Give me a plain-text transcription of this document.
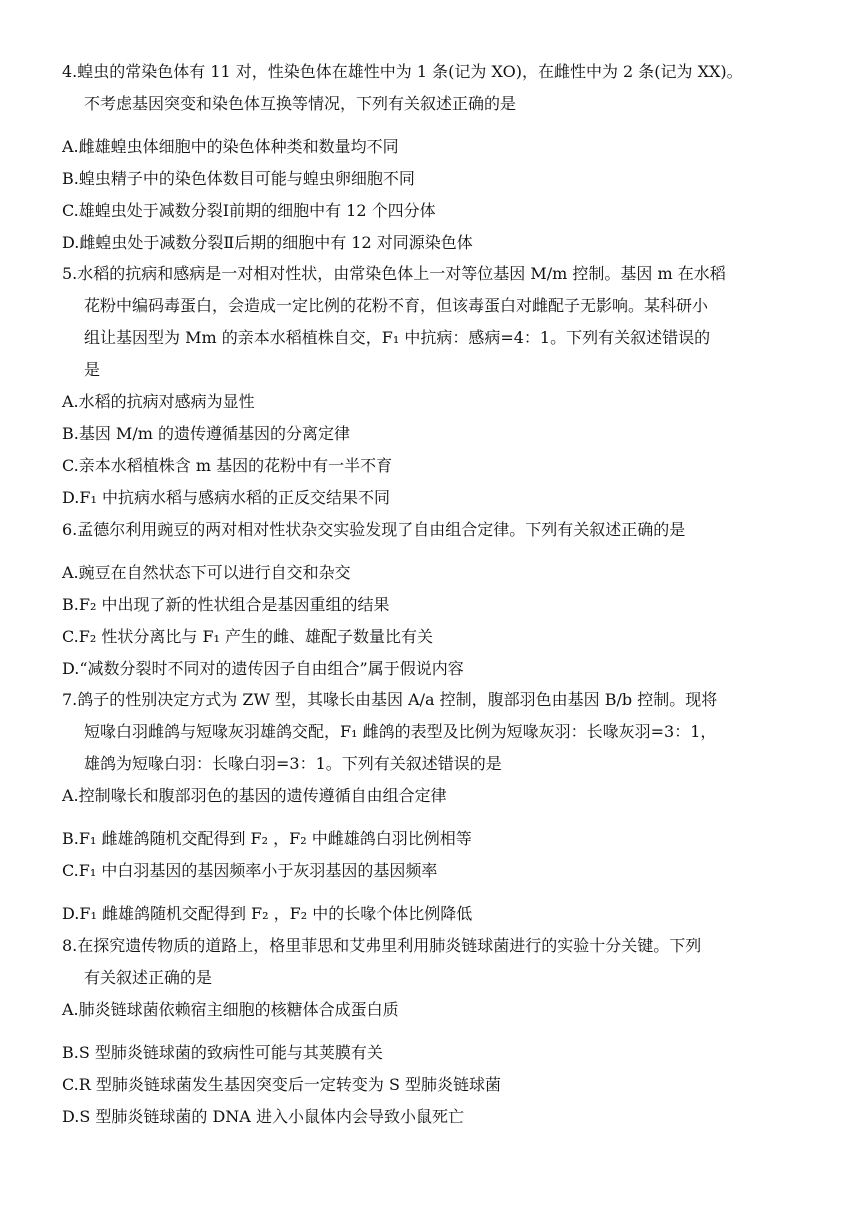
4.蝗虫的常染色体有 11 对，性染色体在雄性中为 1 条(记为 XO)，在雌性中为 2 条(记为 XX)。
不考虑基因突变和染色体互换等情况，下列有关叙述正确的是
A.雌雄蝗虫体细胞中的染色体种类和数量均不同
B.蝗虫精子中的染色体数目可能与蝗虫卵细胞不同
C.雄蝗虫处于减数分裂Ⅰ前期的细胞中有 12 个四分体
D.雌蝗虫处于减数分裂Ⅱ后期的细胞中有 12 对同源染色体
5.水稻的抗病和感病是一对相对性状，由常染色体上一对等位基因 M/m 控制。基因 m 在水稻
花粉中编码毒蛋白，会造成一定比例的花粉不育，但该毒蛋白对雌配子无影响。某科研小
组让基因型为 Mm 的亲本水稻植株自交，F₁ 中抗病：感病=4：1。下列有关叙述错误的
是
A.水稻的抗病对感病为显性
B.基因 M/m 的遗传遵循基因的分离定律
C.亲本水稻植株含 m 基因的花粉中有一半不育
D.F₁ 中抗病水稻与感病水稻的正反交结果不同
6.孟德尔利用豌豆的两对相对性状杂交实验发现了自由组合定律。下列有关叙述正确的是
A.豌豆在自然状态下可以进行自交和杂交
B.F₂ 中出现了新的性状组合是基因重组的结果
C.F₂ 性状分离比与 F₁ 产生的雌、雄配子数量比有关
D.“减数分裂时不同对的遗传因子自由组合”属于假说内容
7.鸽子的性别决定方式为 ZW 型，其喙长由基因 A/a 控制，腹部羽色由基因 B/b 控制。现将
短喙白羽雌鸽与短喙灰羽雄鸽交配，F₁ 雌鸽的表型及比例为短喙灰羽：长喙灰羽=3：1，
雄鸽为短喙白羽：长喙白羽=3：1。下列有关叙述错误的是
A.控制喙长和腹部羽色的基因的遗传遵循自由组合定律
B.F₁ 雌雄鸽随机交配得到 F₂ ，F₂ 中雌雄鸽白羽比例相等
C.F₁ 中白羽基因的基因频率小于灰羽基因的基因频率
D.F₁ 雌雄鸽随机交配得到 F₂ ，F₂ 中的长喙个体比例降低
8.在探究遗传物质的道路上，格里菲思和艾弗里利用肺炎链球菌进行的实验十分关键。下列
有关叙述正确的是
A.肺炎链球菌依赖宿主细胞的核糖体合成蛋白质
B.S 型肺炎链球菌的致病性可能与其荚膜有关
C.R 型肺炎链球菌发生基因突变后一定转变为 S 型肺炎链球菌
D.S 型肺炎链球菌的 DNA 进入小鼠体内会导致小鼠死亡
